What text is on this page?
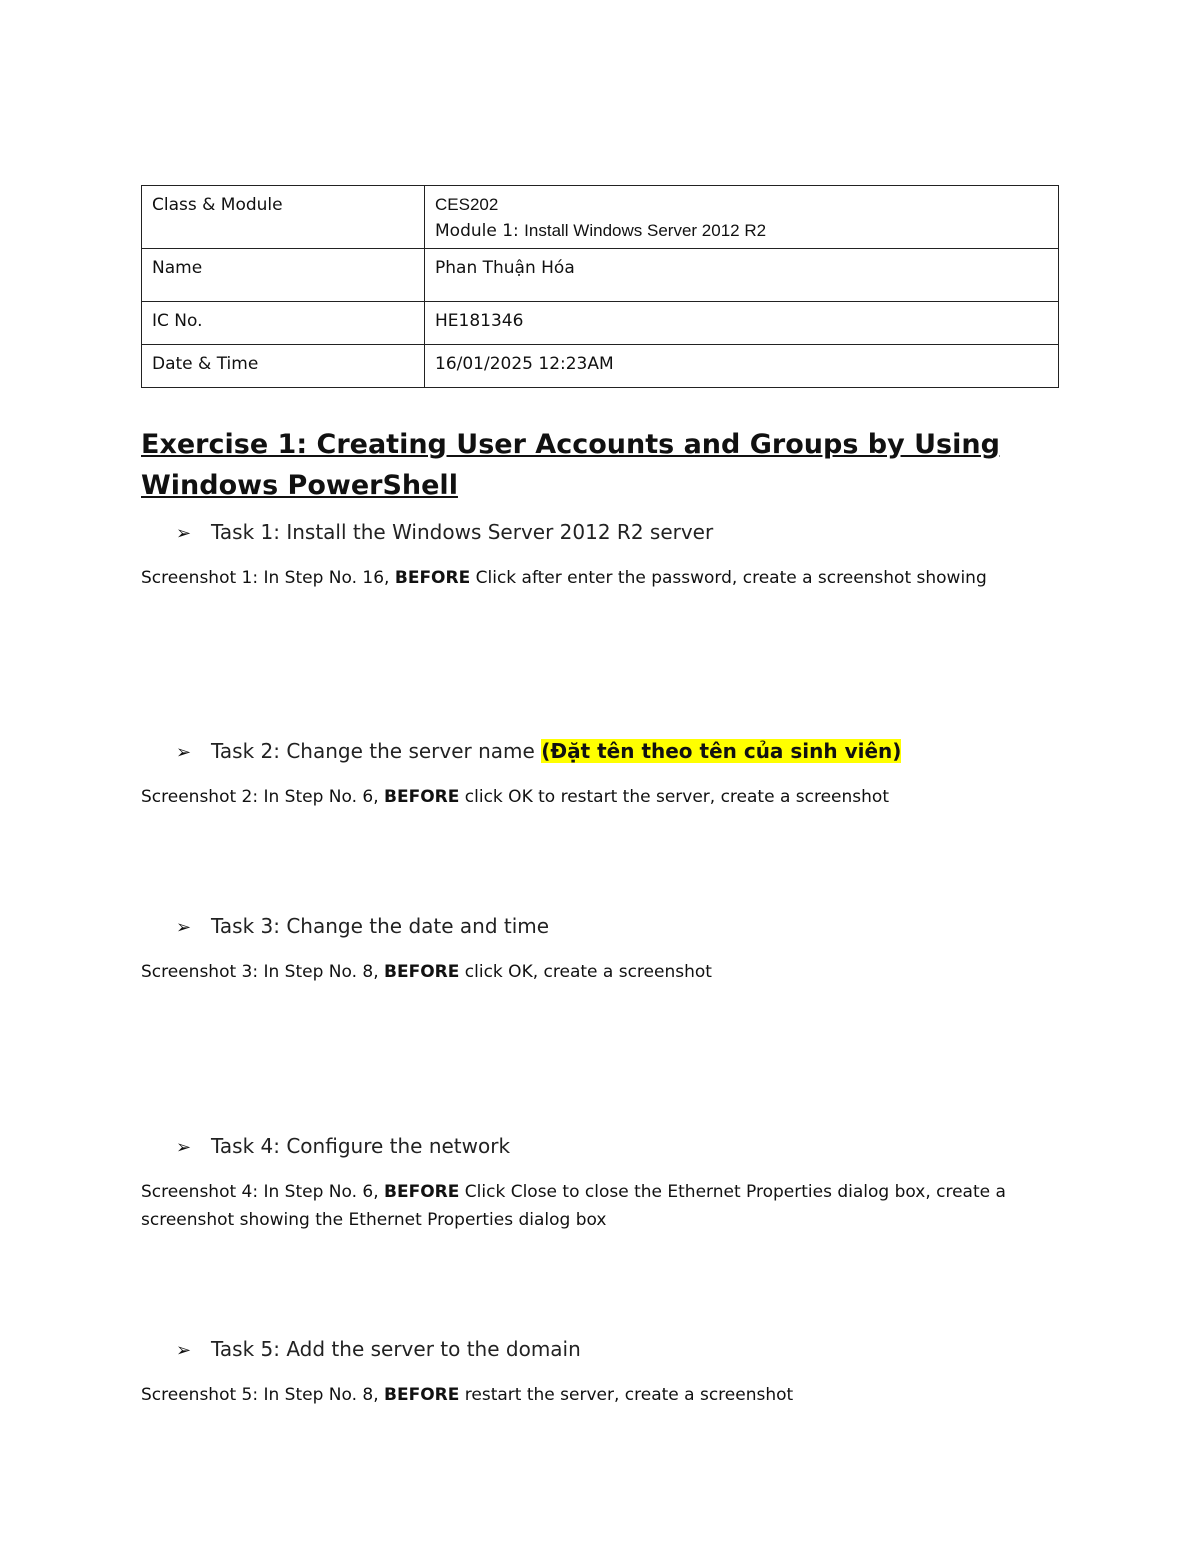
Class & Module	CES202
Module 1: Install Windows Server 2012 R2

Name	Phan Thuận Hóa
IC No.	HE181346
Date & Time	16/01/2025 12:23AM
Exercise 1: Creating User Accounts and Groups by Using Windows PowerShell
➢ Task 1: Install the Windows Server 2012 R2 server
Screenshot 1: In Step No. 16, BEFORE Click after enter the password, create a screenshot showing
➢ Task 2: Change the server name (Đặt tên theo tên của sinh viên)
Screenshot 2: In Step No. 6, BEFORE click OK to restart the server, create a screenshot
➢ Task 3: Change the date and time
Screenshot 3: In Step No. 8, BEFORE click OK, create a screenshot
➢ Task 4: Configure the network
Screenshot 4: In Step No. 6, BEFORE Click Close to close the Ethernet Properties dialog box, create a screenshot showing the Ethernet Properties dialog box
➢ Task 5: Add the server to the domain
Screenshot 5: In Step No. 8, BEFORE restart the server, create a screenshot
